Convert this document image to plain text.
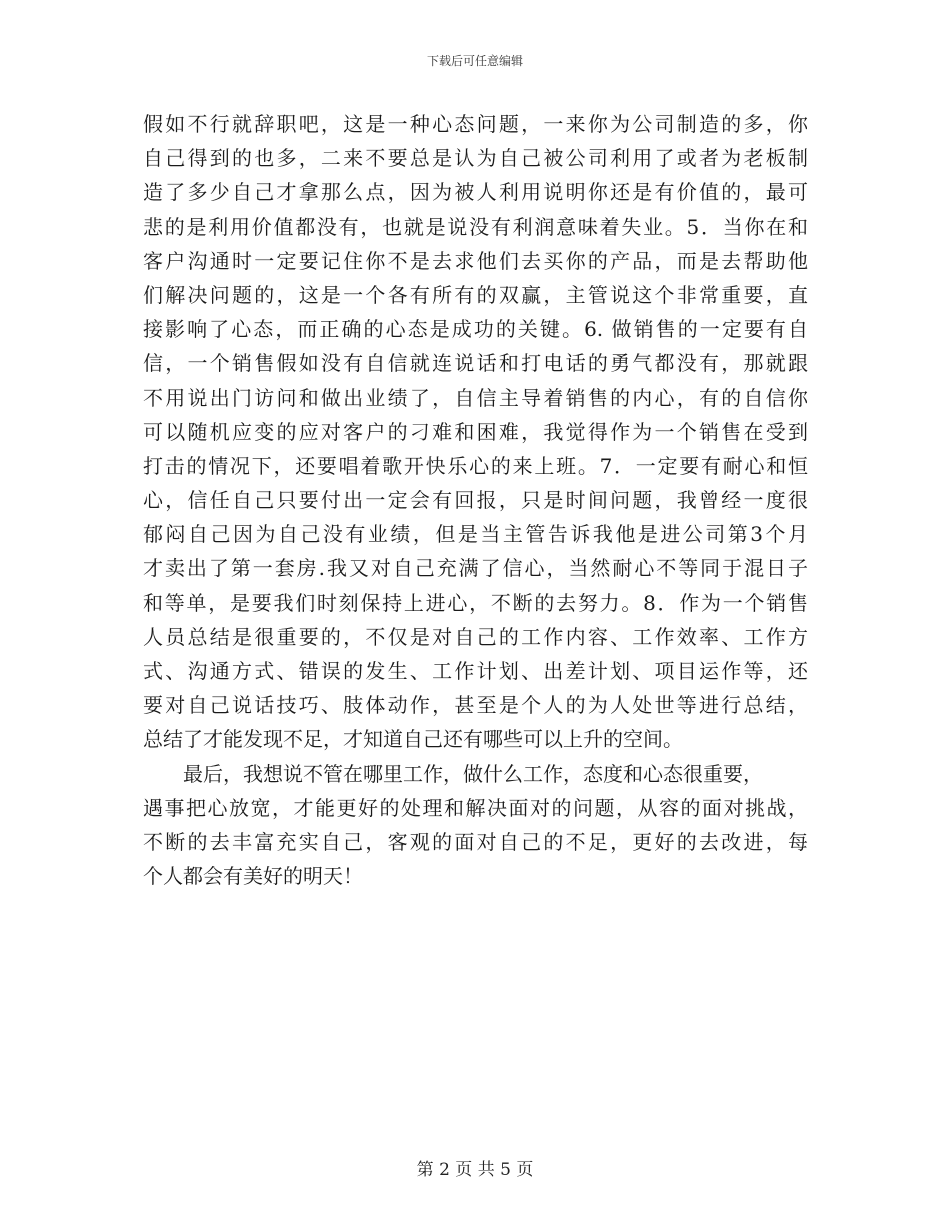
下载后可任意编辑
假如不行就辞职吧，这是一种心态问题，一来你为公司制造的多，你
自己得到的也多，二来不要总是认为自己被公司利用了或者为老板制
造了多少自己才拿那么点，因为被人利用说明你还是有价值的，最可
悲的是利用价值都没有，也就是说没有利润意味着失业。5．当你在和
客户沟通时一定要记住你不是去求他们去买你的产品，而是去帮助他
们解决问题的，这是一个各有所有的双赢，主管说这个非常重要，直
接影响了心态，而正确的心态是成功的关键。6. 做销售的一定要有自
信，一个销售假如没有自信就连说话和打电话的勇气都没有，那就跟
不用说出门访问和做出业绩了，自信主导着销售的内心，有的自信你
可以随机应变的应对客户的刁难和困难，我觉得作为一个销售在受到
打击的情况下，还要唱着歌开快乐心的来上班。7．一定要有耐心和恒
心，信任自己只要付出一定会有回报，只是时间问题，我曾经一度很
郁闷自己因为自己没有业绩，但是当主管告诉我他是进公司第3个月
才卖出了第一套房.我又对自己充满了信心，当然耐心不等同于混日子
和等单，是要我们时刻保持上进心，不断的去努力。8．作为一个销售
人员总结是很重要的，不仅是对自己的工作内容、工作效率、工作方
式、沟通方式、错误的发生、工作计划、出差计划、项目运作等，还
要对自己说话技巧、肢体动作，甚至是个人的为人处世等进行总结，
总结了才能发现不足，才知道自己还有哪些可以上升的空间。
最后，我想说不管在哪里工作，做什么工作，态度和心态很重要，
遇事把心放宽，才能更好的处理和解决面对的问题，从容的面对挑战，
不断的去丰富充实自己，客观的面对自己的不足，更好的去改进，每
个人都会有美好的明天！
第 2 页 共 5 页
